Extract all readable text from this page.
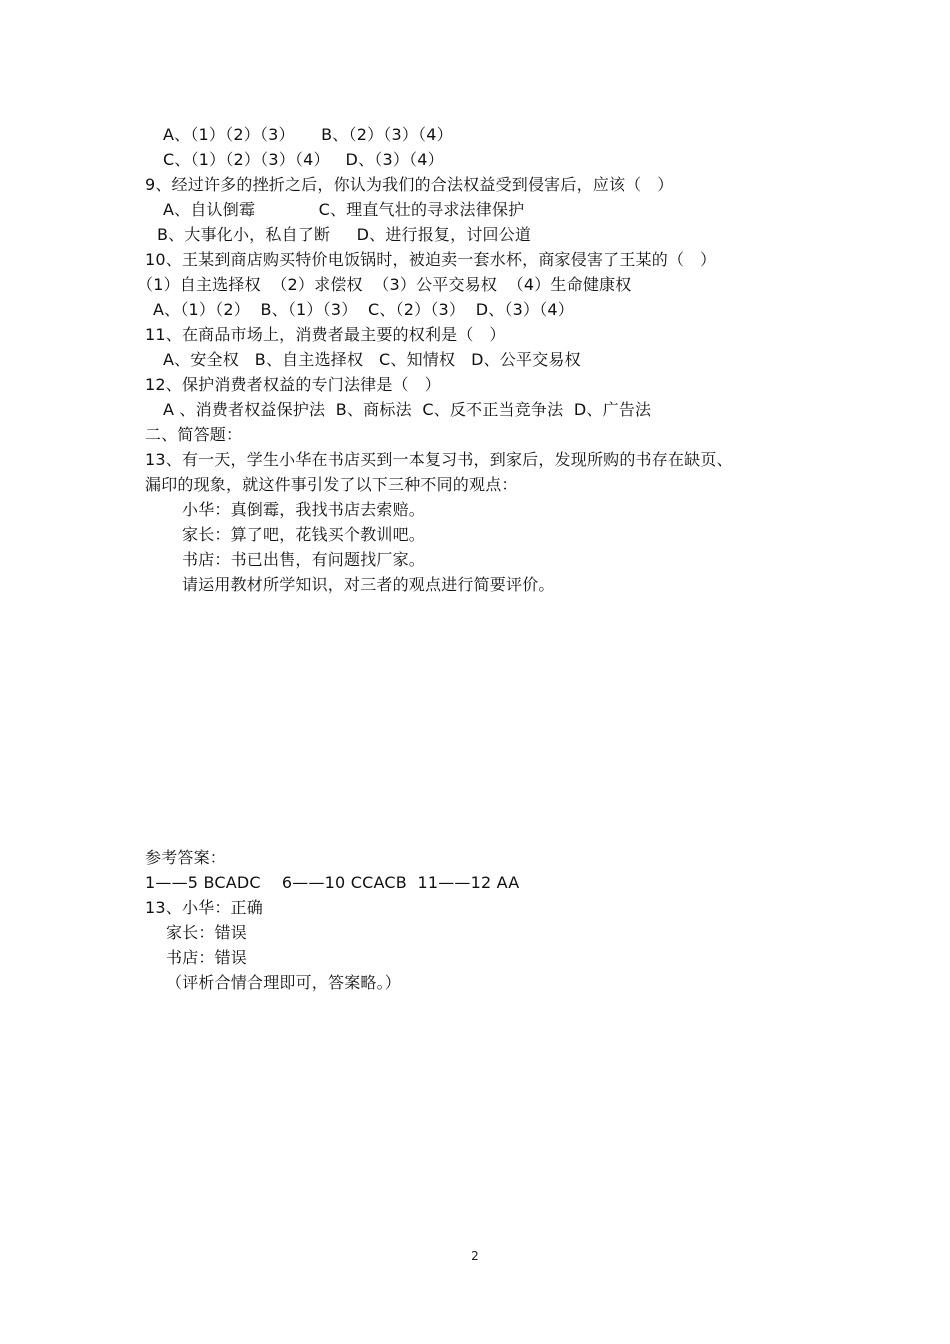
A、（1）（2）（3）     B、（2）（3）（4）
C、（1）（2）（3）（4）   D、（3）（4）
9、经过许多的挫折之后，你认为我们的合法权益受到侵害后，应该（   ）
A、自认倒霉            C、理直气壮的寻求法律保护
B、大事化小，私自了断     D、进行报复，讨回公道
10、王某到商店购买特价电饭锅时，被迫卖一套水杯，商家侵害了王某的（   ）
（1）自主选择权  （2）求偿权  （3）公平交易权  （4）生命健康权
A、（1）（2）  B、（1）（3）  C、（2）（3）  D、（3）（4）
11、在商品市场上，消费者最主要的权利是（   ）
A、安全权   B、自主选择权   C、知情权   D、公平交易权
12、保护消费者权益的专门法律是（   ）
A 、消费者权益保护法  B、商标法  C、反不正当竞争法  D、广告法
二、简答题：
13、有一天，学生小华在书店买到一本复习书，到家后，发现所购的书存在缺页、
漏印的现象，就这件事引发了以下三种不同的观点：
小华：真倒霉，我找书店去索赔。
家长：算了吧，花钱买个教训吧。
书店：书已出售，有问题找厂家。
请运用教材所学知识，对三者的观点进行简要评价。
参考答案：
1——5 BCADC    6——10 CCACB  11——12 AA
13、小华：正确
家长：错误
书店：错误
（评析合情合理即可，答案略。）
2
